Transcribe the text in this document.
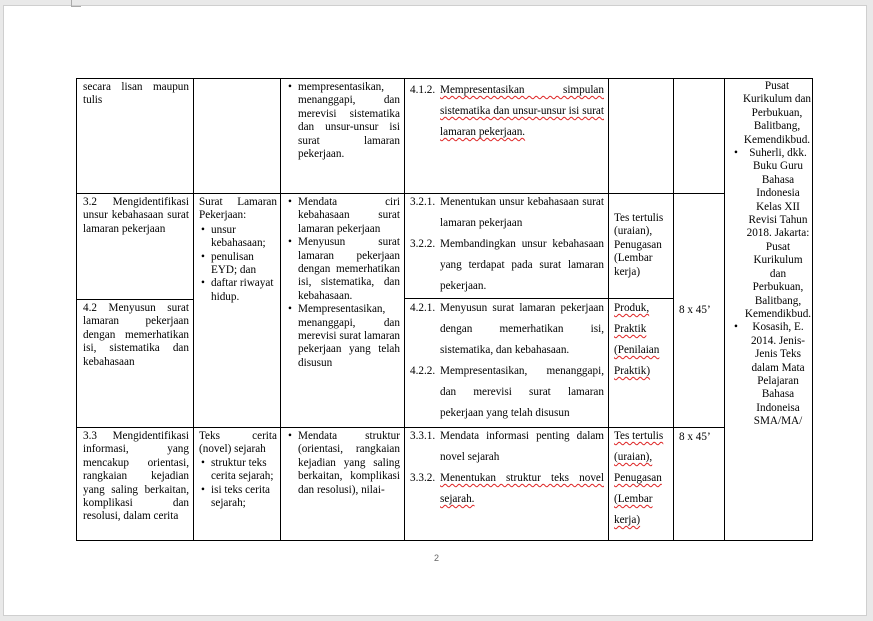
secara lisan maupun tulis
• mempresentasikan, menanggapi, dan merevisi sistematika dan unsur-unsur isi surat lamaran pekerjaan.
4.1.2. Mempresentasikan simpulan sistematika dan unsur-unsur isi surat lamaran pekerjaan.
3.2 Mengidentifikasi unsur kebahasaan surat lamaran pekerjaan
Surat Lamaran Pekerjaan:
• unsur kebahasaan;
• penulisan EYD; dan
• daftar riwayat hidup.
• Mendata ciri kebahasaan surat lamaran pekerjaan
• Menyusun surat lamaran pekerjaan dengan memerhatikan isi, sistematika, dan kebahasaan.
• Mempresentasikan, menanggapi, dan merevisi surat lamaran pekerjaan yang telah disusun
3.2.1. Menentukan unsur kebahasaan surat lamaran pekerjaan
3.2.2. Membandingkan unsur kebahasaan yang terdapat pada surat lamaran pekerjaan.
Tes tertulis (uraian), Penugasan (Lembar kerja)
4.2 Menyusun surat lamaran pekerjaan dengan memerhatikan isi, sistematika dan kebahasaan
4.2.1. Menyusun surat lamaran pekerjaan dengan memerhatikan isi, sistematika, dan kebahasaan.
4.2.2. Mempresentasikan, menanggapi, dan merevisi surat lamaran pekerjaan yang telah disusun
Produk, Praktik (Penilaian Praktik)
8 x 45’
3.3 Mengidentifikasi informasi, yang mencakup orientasi, rangkaian kejadian yang saling berkaitan, komplikasi dan resolusi, dalam cerita
Teks cerita (novel) sejarah
• struktur teks cerita sejarah;
• isi teks cerita sejarah;
• Mendata struktur (orientasi, rangkaian kejadian yang saling berkaitan, komplikasi dan resolusi), nilai-
3.3.1. Mendata informasi penting dalam novel sejarah
3.3.2. Menentukan struktur teks novel sejarah.
Tes tertulis (uraian), Penugasan (Lembar kerja)
8 x 45’
Pusat Kurikulum dan Perbukuan, Balitbang, Kemendikbud.
• Suherli, dkk. Buku Guru Bahasa Indonesia Kelas XII Revisi Tahun 2018. Jakarta: Pusat Kurikulum dan Perbukuan, Balitbang, Kemendikbud.
• Kosasih, E. 2014. Jenis-Jenis Teks dalam Mata Pelajaran Bahasa Indoneisa SMA/MA/
2
